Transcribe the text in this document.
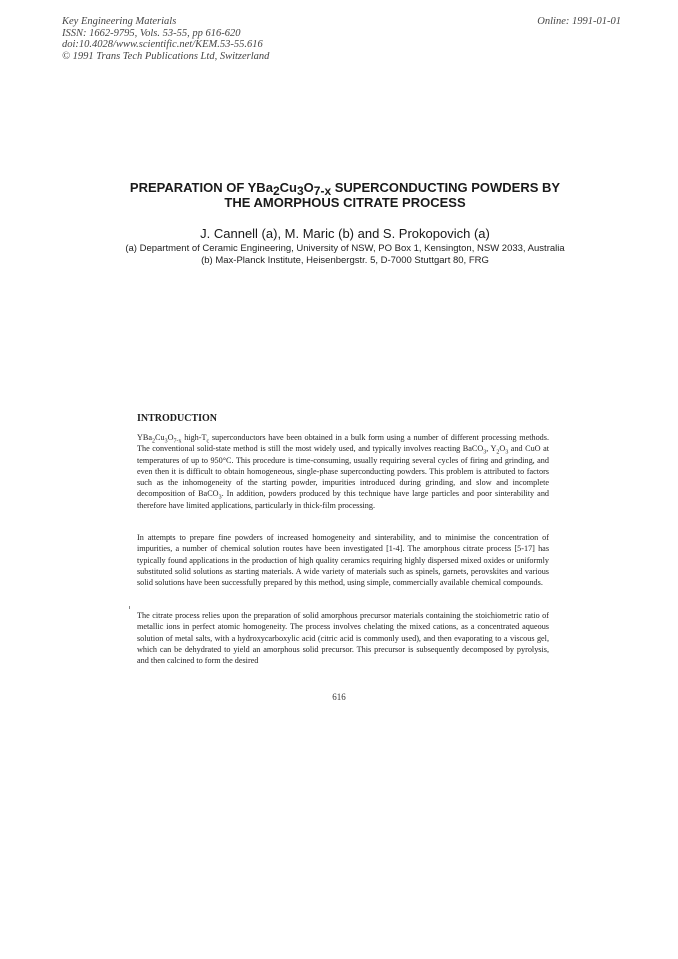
Key Engineering Materials
ISSN: 1662-9795, Vols. 53-55, pp 616-620
doi:10.4028/www.scientific.net/KEM.53-55.616
© 1991 Trans Tech Publications Ltd, Switzerland
Online: 1991-01-01
PREPARATION OF $YBa_2Cu_3O_{7-x}$ SUPERCONDUCTING POWDERS BY
THE AMORPHOUS CITRATE PROCESS
J. Cannell (a), M. Maric (b) and S. Prokopovich (a)
(a) Department of Ceramic Engineering, University of NSW, PO Box 1, Kensington, NSW 2033, Australia
(b) Max-Planck Institute, Heisenbergstr. 5, D-7000 Stuttgart 80, FRG
INTRODUCTION

$YBa_2Cu_3O_{7-x}$ high-$T_c$ superconductors have been obtained in a bulk form using a number of different processing methods. The conventional solid-state method is still the most widely used, and typically involves reacting BaCO$_3$, $Y_2O_3$ and CuO at temperatures of up to 950°C. This procedure is time-consuming, usually requiring several cycles of firing and grinding, and even then it is difficult to obtain homogeneous, single-phase superconducting powders. This problem is attributed to factors such as the inhomogeneity of the starting powder, impurities introduced during grinding, and slow and incomplete decomposition of BaCO$_3$. In addition, powders produced by this technique have large particles and poor sinterability and therefore have limited applications, particularly in thick-film processing.

In attempts to prepare fine powders of increased homogeneity and sinterability, and to minimise the concentration of impurities, a number of chemical solution routes have been investigated [1-4]. The amorphous citrate process [5-17] has typically found applications in the production of high quality ceramics requiring highly dispersed mixed oxides or uniformly substituted solid solutions as starting materials. A wide variety of materials such as spinels, garnets, perovskites and various solid solutions have been successfully prepared by this method, using simple, commercially available chemical compounds.

The citrate process relies upon the preparation of solid amorphous precursor materials containing the stoichiometric ratio of metallic ions in perfect atomic homogeneity. The process involves chelating the mixed cations, as a concentrated aqueous solution of metal salts, with a hydroxycarboxylic acid (citric acid is commonly used), and then evaporating to a viscous gel, which can be dehydrated to yield an amorphous solid precursor. This precursor is subsequently decomposed by pyrolysis, and then calcined to form the desired

616
